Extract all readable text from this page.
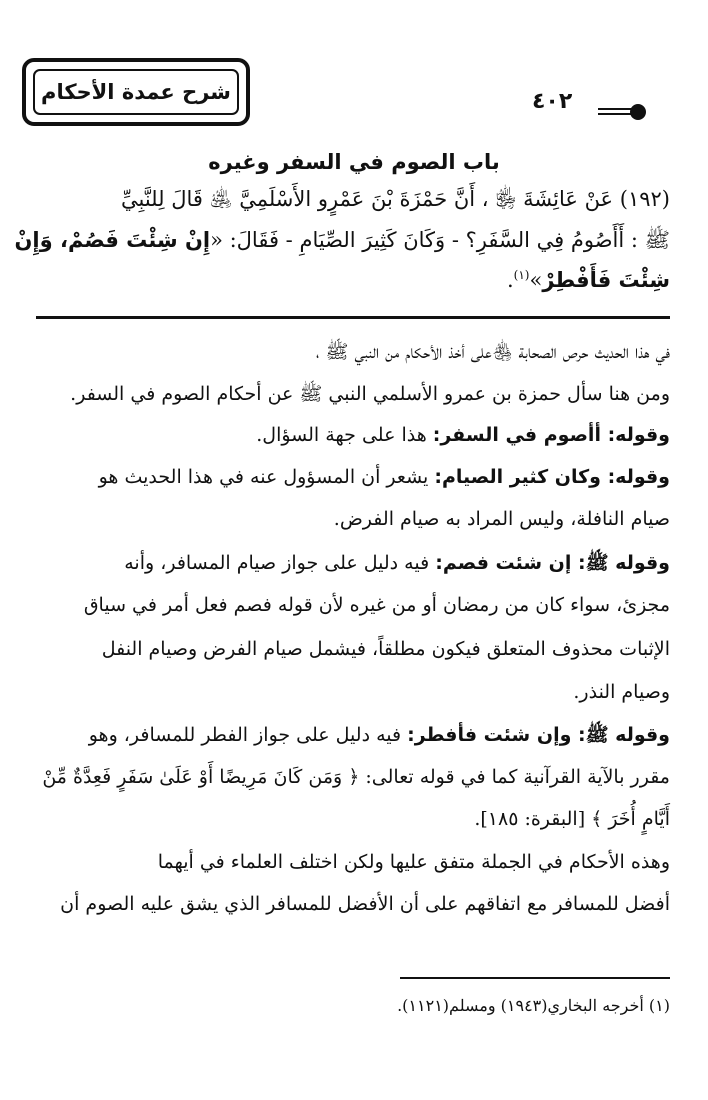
شرح عمدة الأحكام	٤٠٢
باب الصوم في السفر وغيره
(١٩٢) عَنْ عَائِشَةَ ﵂ ، أَنَّ حَمْزَةَ بْنَ عَمْرٍو الأَسْلَمِيَّ ﵁ قَالَ لِلنَّبِيِّ
ﷺ : أَأَصُومُ فِي السَّفَرِ؟ - وَكَانَ كَثِيرَ الصِّيَامِ - فَقَالَ: «إِنْ شِئْتَ فَصُمْ، وَإِنْ
شِئْتَ فَأَفْطِرْ»$^{(١)}$.
في هذا الحديث حرص الصحابة ﵃على أخذ الأحكام من النبي ﷺ ،
ومن هنا سأل حمزة بن عمرو الأسلمي النبي ﷺ عن أحكام الصوم في السفر.
وقوله: أأصوم في السفر: هذا على جهة السؤال.
وقوله: وكان كثير الصيام: يشعر أن المسؤول عنه في هذا الحديث هو
صيام النافلة، وليس المراد به صيام الفرض.
وقوله ﷺ: إن شئت فصم: فيه دليل على جواز صيام المسافر، وأنه
مجزئ، سواء كان من رمضان أو من غيره لأن قوله فصم فعل أمر في سياق
الإثبات محذوف المتعلق فيكون مطلقاً، فيشمل صيام الفرض وصيام النفل
وصيام النذر.
وقوله ﷺ: وإن شئت فأفطر: فيه دليل على جواز الفطر للمسافر، وهو
مقرر بالآية القرآنية كما في قوله تعالى: ﴿ وَمَن كَانَ مَرِيضًا أَوْ عَلَىٰ سَفَرٍ فَعِدَّةٌ مِّنْ
أَيَّامٍ أُخَرَ ﴾ [البقرة: ١٨٥].
وهذه الأحكام في الجملة متفق عليها ولكن اختلف العلماء في أيهما
أفضل للمسافر مع اتفاقهم على أن الأفضل للمسافر الذي يشق عليه الصوم أن
(١) أخرجه البخاري(١٩٤٣) ومسلم(١١٢١).
